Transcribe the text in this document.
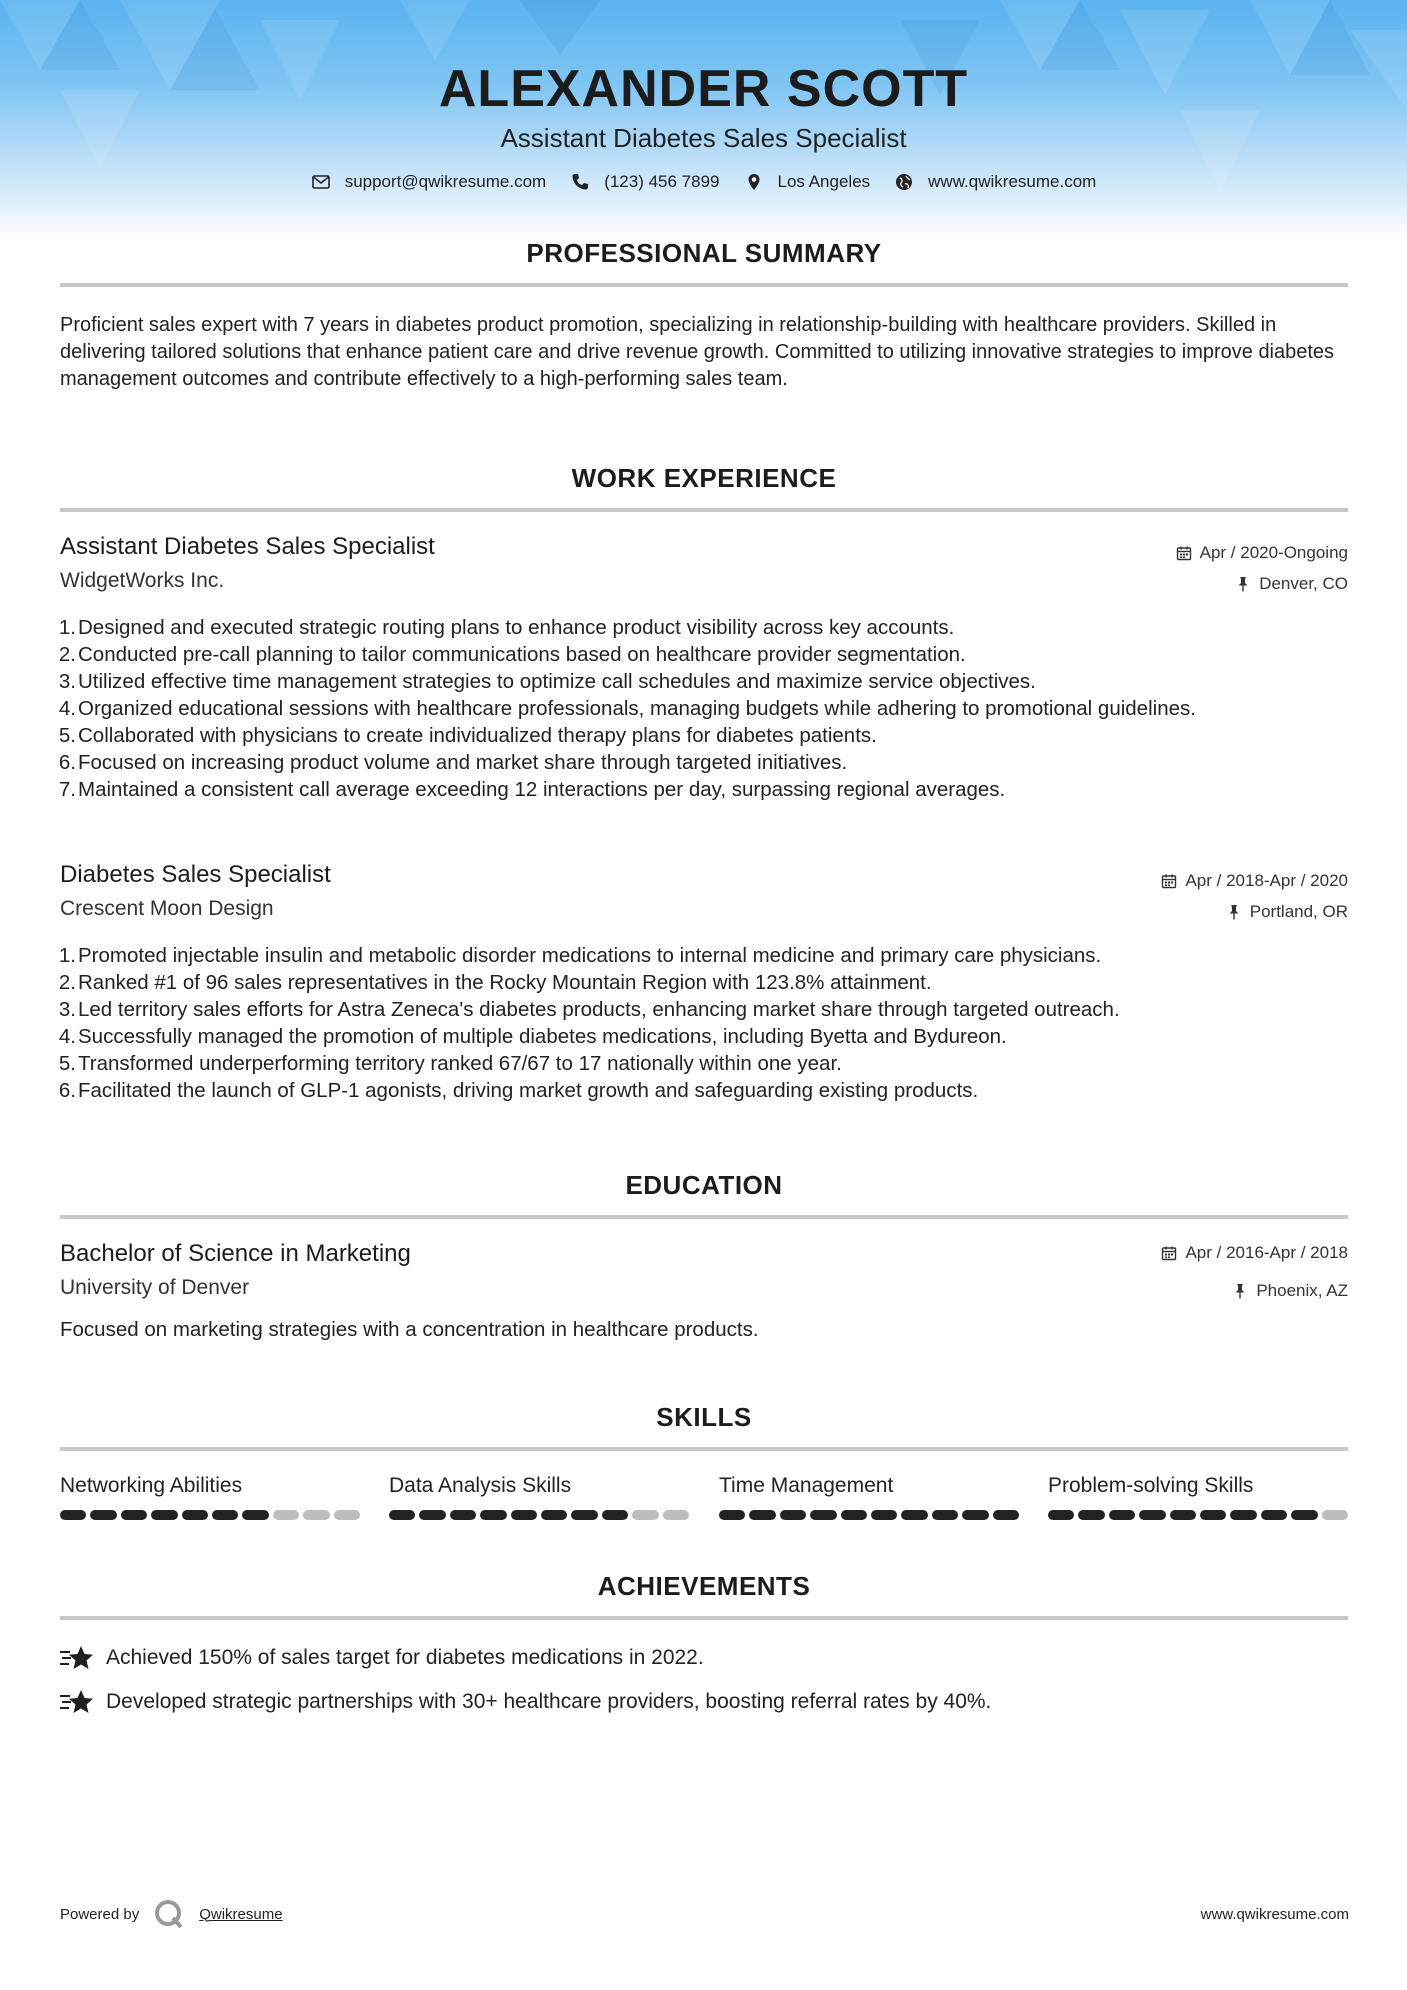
ALEXANDER SCOTT
Assistant Diabetes Sales Specialist
support@qwikresume.com	(123) 456 7899	Los Angeles	www.qwikresume.com
PROFESSIONAL SUMMARY
Proficient sales expert with 7 years in diabetes product promotion, specializing in relationship-building with healthcare providers. Skilled in delivering tailored solutions that enhance patient care and drive revenue growth. Committed to utilizing innovative strategies to improve diabetes management outcomes and contribute effectively to a high-performing sales team.
WORK EXPERIENCE
Assistant Diabetes Sales Specialist
WidgetWorks Inc.
Apr / 2020-Ongoing
Denver, CO
1. Designed and executed strategic routing plans to enhance product visibility across key accounts.
2. Conducted pre-call planning to tailor communications based on healthcare provider segmentation.
3. Utilized effective time management strategies to optimize call schedules and maximize service objectives.
4. Organized educational sessions with healthcare professionals, managing budgets while adhering to promotional guidelines.
5. Collaborated with physicians to create individualized therapy plans for diabetes patients.
6. Focused on increasing product volume and market share through targeted initiatives.
7. Maintained a consistent call average exceeding 12 interactions per day, surpassing regional averages.
Diabetes Sales Specialist
Crescent Moon Design
Apr / 2018-Apr / 2020
Portland, OR
1. Promoted injectable insulin and metabolic disorder medications to internal medicine and primary care physicians.
2. Ranked #1 of 96 sales representatives in the Rocky Mountain Region with 123.8% attainment.
3. Led territory sales efforts for Astra Zeneca's diabetes products, enhancing market share through targeted outreach.
4. Successfully managed the promotion of multiple diabetes medications, including Byetta and Bydureon.
5. Transformed underperforming territory ranked 67/67 to 17 nationally within one year.
6. Facilitated the launch of GLP-1 agonists, driving market growth and safeguarding existing products.
EDUCATION
Bachelor of Science in Marketing
University of Denver
Apr / 2016-Apr / 2018
Phoenix, AZ
Focused on marketing strategies with a concentration in healthcare products.
SKILLS
Networking Abilities	Data Analysis Skills	Time Management	Problem-solving Skills
ACHIEVEMENTS
Achieved 150% of sales target for diabetes medications in 2022.
Developed strategic partnerships with 30+ healthcare providers, boosting referral rates by 40%.
Powered by	Qwikresume	www.qwikresume.com
